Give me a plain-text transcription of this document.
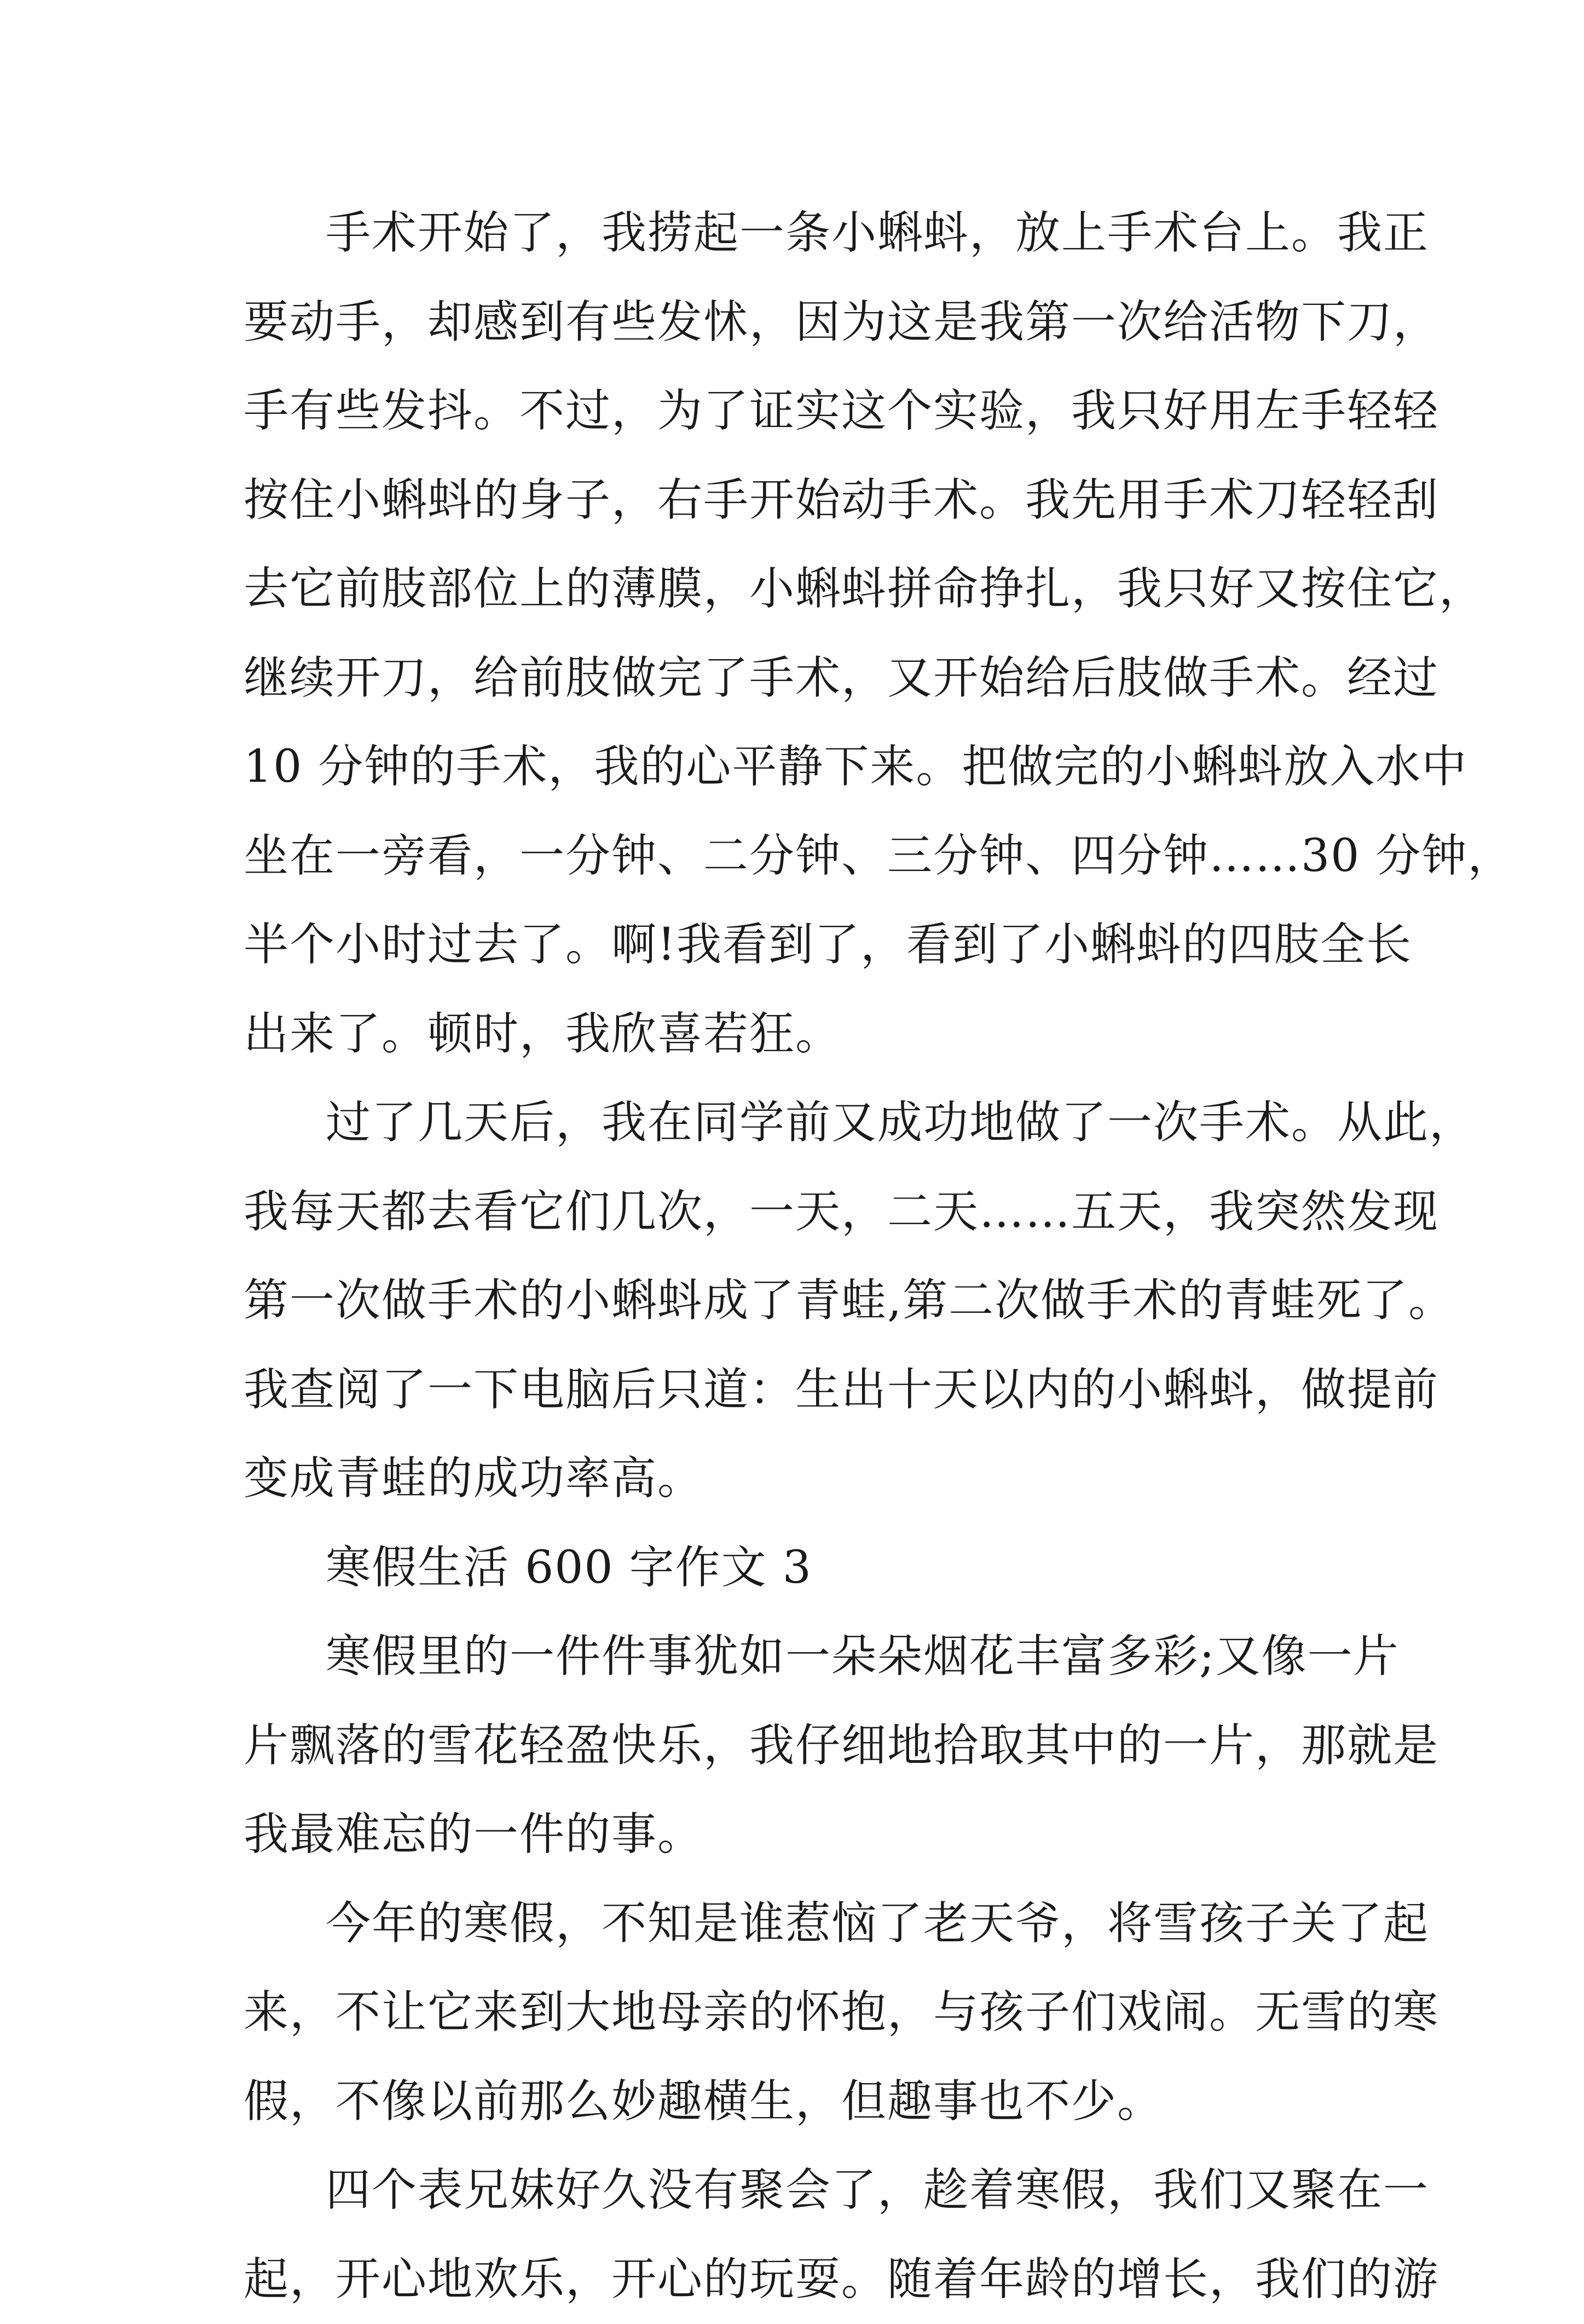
手术开始了，我捞起一条小蝌蚪，放上手术台上。我正
要动手，却感到有些发怵，因为这是我第一次给活物下刀，
手有些发抖。不过，为了证实这个实验，我只好用左手轻轻
按住小蝌蚪的身子，右手开始动手术。我先用手术刀轻轻刮
去它前肢部位上的薄膜，小蝌蚪拼命挣扎，我只好又按住它，
继续开刀，给前肢做完了手术，又开始给后肢做手术。经过
10 分钟的手术，我的心平静下来。把做完的小蝌蚪放入水中
坐在一旁看，一分钟、二分钟、三分钟、四分钟……30 分钟，
半个小时过去了。啊!我看到了，看到了小蝌蚪的四肢全长
出来了。顿时，我欣喜若狂。
过了几天后，我在同学前又成功地做了一次手术。从此，
我每天都去看它们几次，一天，二天……五天，我突然发现
第一次做手术的小蝌蚪成了青蛙,第二次做手术的青蛙死了。
我查阅了一下电脑后只道：生出十天以内的小蝌蚪，做提前
变成青蛙的成功率高。
寒假生活 600 字作文 3
寒假里的一件件事犹如一朵朵烟花丰富多彩;又像一片
片飘落的雪花轻盈快乐，我仔细地拾取其中的一片，那就是
我最难忘的一件的事。
今年的寒假，不知是谁惹恼了老天爷，将雪孩子关了起
来，不让它来到大地母亲的怀抱，与孩子们戏闹。无雪的寒
假，不像以前那么妙趣横生，但趣事也不少。
四个表兄妹好久没有聚会了，趁着寒假，我们又聚在一
起，开心地欢乐，开心的玩耍。随着年龄的增长，我们的游
